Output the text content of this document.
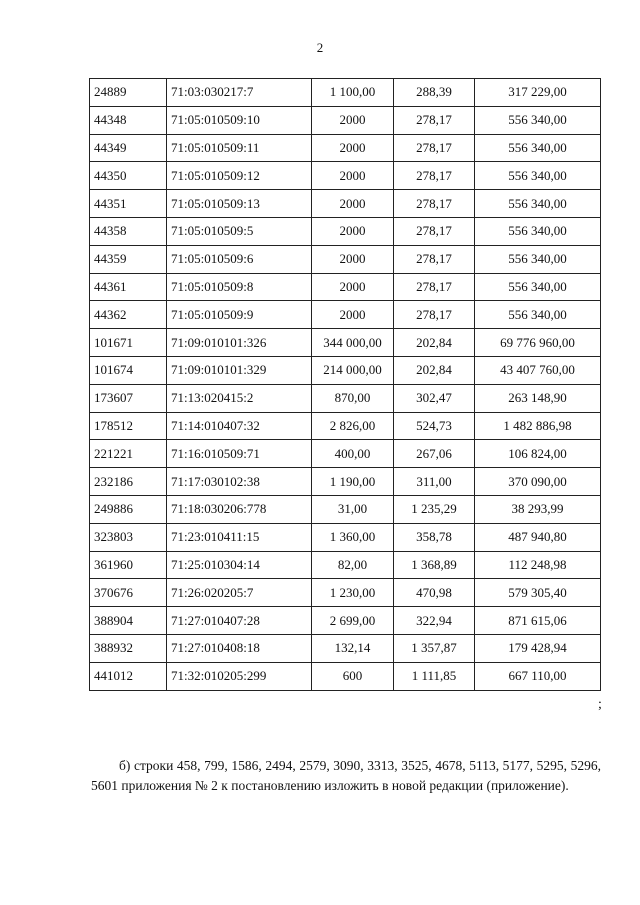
2
24889	71:03:030217:7	1 100,00	288,39	317 229,00
44348	71:05:010509:10	2000	278,17	556 340,00
44349	71:05:010509:11	2000	278,17	556 340,00
44350	71:05:010509:12	2000	278,17	556 340,00
44351	71:05:010509:13	2000	278,17	556 340,00
44358	71:05:010509:5	2000	278,17	556 340,00
44359	71:05:010509:6	2000	278,17	556 340,00
44361	71:05:010509:8	2000	278,17	556 340,00
44362	71:05:010509:9	2000	278,17	556 340,00
101671	71:09:010101:326	344 000,00	202,84	69 776 960,00
101674	71:09:010101:329	214 000,00	202,84	43 407 760,00
173607	71:13:020415:2	870,00	302,47	263 148,90
178512	71:14:010407:32	2 826,00	524,73	1 482 886,98
221221	71:16:010509:71	400,00	267,06	106 824,00
232186	71:17:030102:38	1 190,00	311,00	370 090,00
249886	71:18:030206:778	31,00	1 235,29	38 293,99
323803	71:23:010411:15	1 360,00	358,78	487 940,80
361960	71:25:010304:14	82,00	1 368,89	112 248,98
370676	71:26:020205:7	1 230,00	470,98	579 305,40
388904	71:27:010407:28	2 699,00	322,94	871 615,06
388932	71:27:010408:18	132,14	1 357,87	179 428,94
441012	71:32:010205:299	600	1 111,85	667 110,00
;

б) строки 458, 799, 1586, 2494, 2579, 3090, 3313, 3525, 4678, 5113, 5177, 5295, 5296, 5601 приложения № 2 к постановлению изложить в новой редакции (приложение).
